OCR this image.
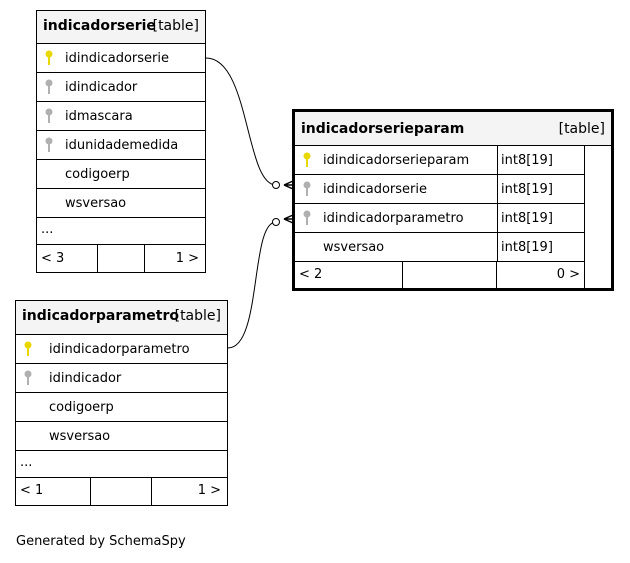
indicadorserie
[table]
idindicadorserie
idindicador
idmascara
idunidademedida
codigoerp
wsversao
...
< 3	1 >
indicadorserieparam	[table]
idindicadorserieparam int8[19]
idindicadorserie	int8[19]
idindicadorparametro	int8[19]
wsversao	int8[19]
< 2	0 >
indicadorparametro
[table]
idindicadorparametro
idindicador
codigoerp
wsversao
...
< 1	1 >
Generated by SchemaSpy
